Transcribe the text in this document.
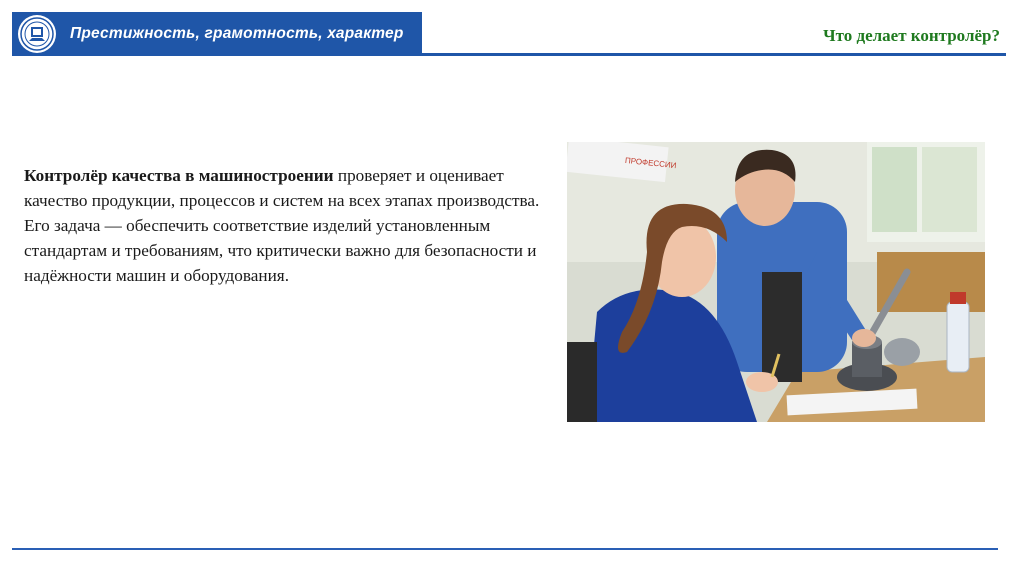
Престижность, грамотность, характер	Что делает контролёр?
Контролёр качества в машиностроении проверяет и оценивает качество продукции, процессов и систем на всех этапах производства. Его задача — обеспечить соответствие изделий установленным стандартам и требованиям, что критически важно для безопасности и надёжности машин и оборудования.
ПРОФЕССИИ
